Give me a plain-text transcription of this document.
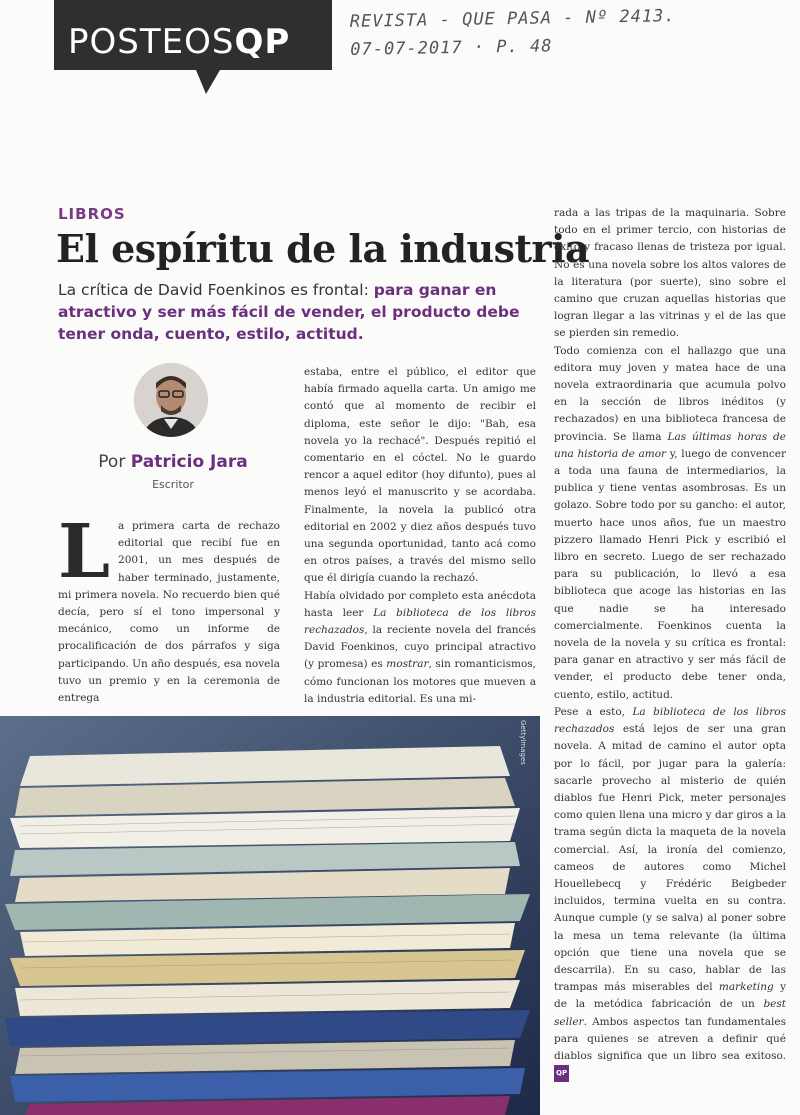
POSTEOSQP
REVISTA - QUE PASA - Nº 2413.
07-07-2017 · P. 48
LIBROS
El espíritu de la industria

La crítica de David Foenkinos es frontal: para ganar en atractivo y ser más fácil de vender, el producto debe tener onda, cuento, estilo, actitud.

Por Patricio Jara
Escritor
L a primera carta de rechazo editorial que recibí fue en 2001, un mes después de haber terminado, justamente, mi primera novela. No recuerdo bien qué decía, pero sí el tono impersonal y mecánico, como un informe de procalificación de dos párrafos y siga participando. Un año después, esa novela tuvo un premio y en la ceremonia de entrega

estaba, entre el público, el editor que había firmado aquella carta. Un amigo me contó que al momento de recibir el diploma, este señor le dijo: "Bah, esa novela yo la rechacé". Después repitió el comentario en el cóctel. No le guardo rencor a aquel editor (hoy difunto), pues al menos leyó el manuscrito y se acordaba. Finalmente, la novela la publicó otra editorial en 2002 y diez años después tuvo una segunda oportunidad, tanto acá como en otros países, a través del mismo sello que él dirigía cuando la rechazó.

Había olvidado por completo esta anécdota hasta leer La biblioteca de los libros rechazados, la reciente novela del francés David Foenkinos, cuyo principal atractivo (y promesa) es mostrar, sin romanticismos, cómo funcionan los motores que mueven a la industria editorial. Es una mi-

rada a las tripas de la maquinaria. Sobre todo en el primer tercio, con historias de éxito y fracaso llenas de tristeza por igual. No es una novela sobre los altos valores de la literatura (por suerte), sino sobre el camino que cruzan aquellas historias que logran llegar a las vitrinas y el de las que se pierden sin remedio.

Todo comienza con el hallazgo que una editora muy joven y matea hace de una novela extraordinaria que acumula polvo en la sección de libros inéditos (y rechazados) en una biblioteca francesa de provincia. Se llama Las últimas horas de una historia de amor y, luego de convencer a toda una fauna de intermediarios, la publica y tiene ventas asombrosas. Es un golazo. Sobre todo por su gancho: el autor, muerto hace unos años, fue un maestro pizzero llamado Henri Pick y escribió el libro en secreto. Luego de ser rechazado para su publicación, lo llevó a esa biblioteca que acoge las historias en las que nadie se ha interesado comercialmente. Foenkinos cuenta la novela de la novela y su crítica es frontal: para ganar en atractivo y ser más fácil de vender, el producto debe tener onda, cuento, estilo, actitud.

Pese a esto, La biblioteca de los libros rechazados está lejos de ser una gran novela. A mitad de camino el autor opta por lo fácil, por jugar para la galería: sacarle provecho al misterio de quién diablos fue Henri Pick, meter personajes como quien llena una micro y dar giros a la trama según dicta la maqueta de la novela comercial. Así, la ironía del comienzo, cameos de autores como Michel Houellebecq y Frédéric Beigbeder incluidos, termina vuelta en su contra. Aunque cumple (y se salva) al poner sobre la mesa un tema relevante (la última opción que tiene una novela que se descarrila). En su caso, hablar de las trampas más miserables del marketing y de la metódica fabricación de un best seller. Ambos aspectos tan fundamentales para quienes se atreven a definir qué diablos significa que un libro sea exitoso. QP

GettyImages
